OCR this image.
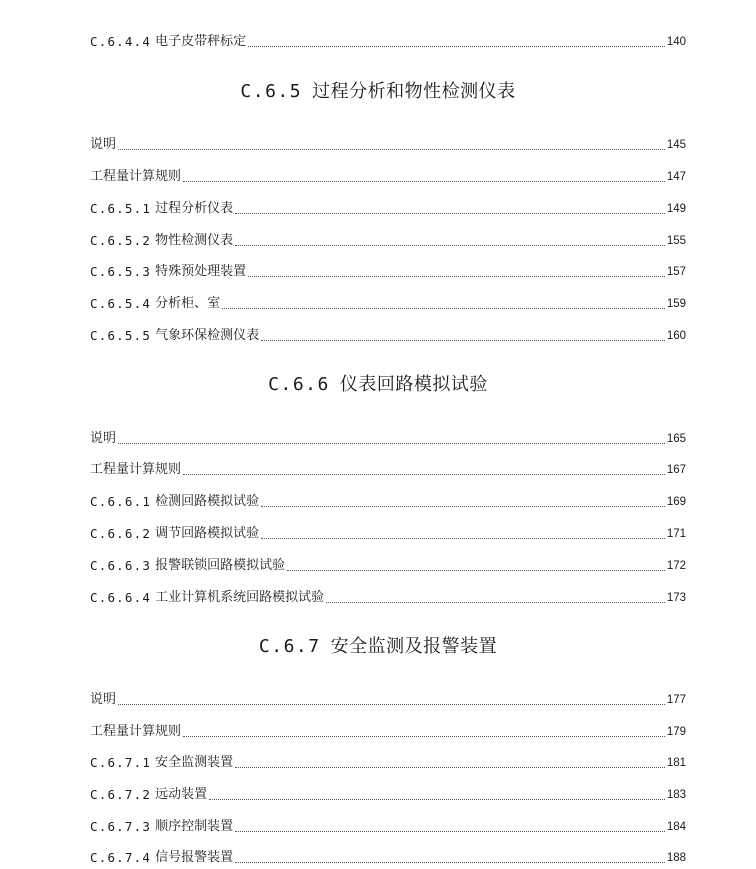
C.6.4.4 电子皮带秤标定	140
C.6.5 过程分析和物性检测仪表
说明	145
工程量计算规则	147
C.6.5.1 过程分析仪表	149
C.6.5.2 物性检测仪表	155
C.6.5.3 特殊预处理装置	157
C.6.5.4 分析柜、室	159
C.6.5.5 气象环保检测仪表	160
C.6.6 仪表回路模拟试验
说明	165
工程量计算规则	167
C.6.6.1 检测回路模拟试验	169
C.6.6.2 调节回路模拟试验	171
C.6.6.3 报警联锁回路模拟试验	172
C.6.6.4 工业计算机系统回路模拟试验	173
C.6.7 安全监测及报警装置
说明	177
工程量计算规则	179
C.6.7.1 安全监测装置	181
C.6.7.2 远动装置	183
C.6.7.3 顺序控制装置	184
C.6.7.4 信号报警装置	188
